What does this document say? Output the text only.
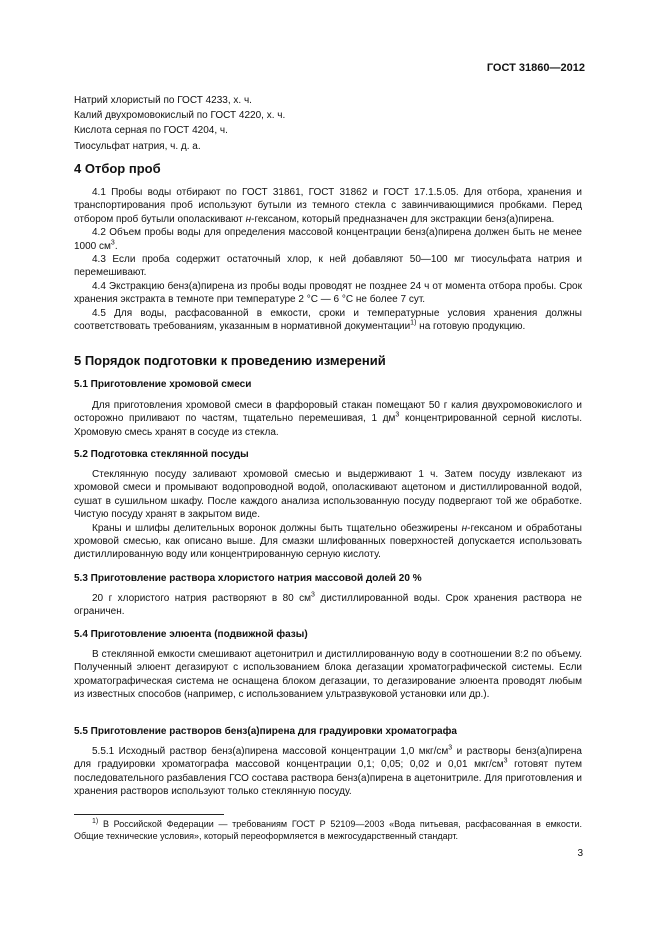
ГОСТ 31860—2012
Натрий хлористый по ГОСТ 4233, х. ч.
Калий двухромовокислый по ГОСТ 4220, х. ч.
Кислота серная по ГОСТ 4204, ч.
Тиосульфат натрия, ч. д. а.
4 Отбор проб
4.1 Пробы воды отбирают по ГОСТ 31861, ГОСТ 31862 и ГОСТ 17.1.5.05. Для отбора, хранения и транспортирования проб используют бутыли из темного стекла с завинчивающимися пробками. Перед отбором проб бутыли ополаскивают н-гексаном, который предназначен для экстракции бенз(а)пирена.
4.2 Объем пробы воды для определения массовой концентрации бенз(а)пирена должен быть не менее 1000 $см^3$.
4.3 Если проба содержит остаточный хлор, к ней добавляют 50—100 мг тиосульфата натрия и перемешивают.
4.4 Экстракцию бенз(а)пирена из пробы воды проводят не позднее 24 ч от момента отбора пробы. Срок хранения экстракта в темноте при температуре 2 °С — 6 °С не более 7 сут.
4.5 Для воды, расфасованной в емкости, сроки и температурные условия хранения должны соответствовать требованиям, указанным в нормативной документации$^{1)}$ на готовую продукцию.
5 Порядок подготовки к проведению измерений
5.1 Приготовление хромовой смеси
Для приготовления хромовой смеси в фарфоровый стакан помещают 50 г калия двухромовокислого и осторожно приливают по частям, тщательно перемешивая, 1 $дм^3$ концентрированной серной кислоты. Хромовую смесь хранят в сосуде из стекла.
5.2 Подготовка стеклянной посуды
Стеклянную посуду заливают хромовой смесью и выдерживают 1 ч. Затем посуду извлекают из хромовой смеси и промывают водопроводной водой, ополаскивают ацетоном и дистиллированной водой, сушат в сушильном шкафу. После каждого анализа использованную посуду подвергают той же обработке. Чистую посуду хранят в закрытом виде.
Краны и шлифы делительных воронок должны быть тщательно обезжирены н-гексаном и обработаны хромовой смесью, как описано выше. Для смазки шлифованных поверхностей допускается использовать дистиллированную воду или концентрированную серную кислоту.
5.3 Приготовление раствора хлористого натрия массовой долей 20 %
20 г хлористого натрия растворяют в 80 $см^3$ дистиллированной воды. Срок хранения раствора не ограничен.
5.4 Приготовление элюента (подвижной фазы)
В стеклянной емкости смешивают ацетонитрил и дистиллированную воду в соотношении 8:2 по объему. Полученный элюент дегазируют с использованием блока дегазации хроматографической системы. Если хроматографическая система не оснащена блоком дегазации, то дегазирование элюента проводят любым из известных способов (например, с использованием ультразвуковой установки или др.).
5.5 Приготовление растворов бенз(а)пирена для градуировки хроматографа
5.5.1 Исходный раствор бенз(а)пирена массовой концентрации 1,0 мкг/$см^3$ и растворы бенз(а)пирена для градуировки хроматографа массовой концентрации 0,1; 0,05; 0,02 и 0,01 мкг/$см^3$ готовят путем последовательного разбавления ГСО состава раствора бенз(а)пирена в ацетонитриле. Для приготовления и хранения растворов используют только стеклянную посуду.
$^{1)}$ В Российской Федерации — требованиям ГОСТ Р 52109—2003 «Вода питьевая, расфасованная в емкости. Общие технические условия», который переоформляется в межгосударственный стандарт.
3
